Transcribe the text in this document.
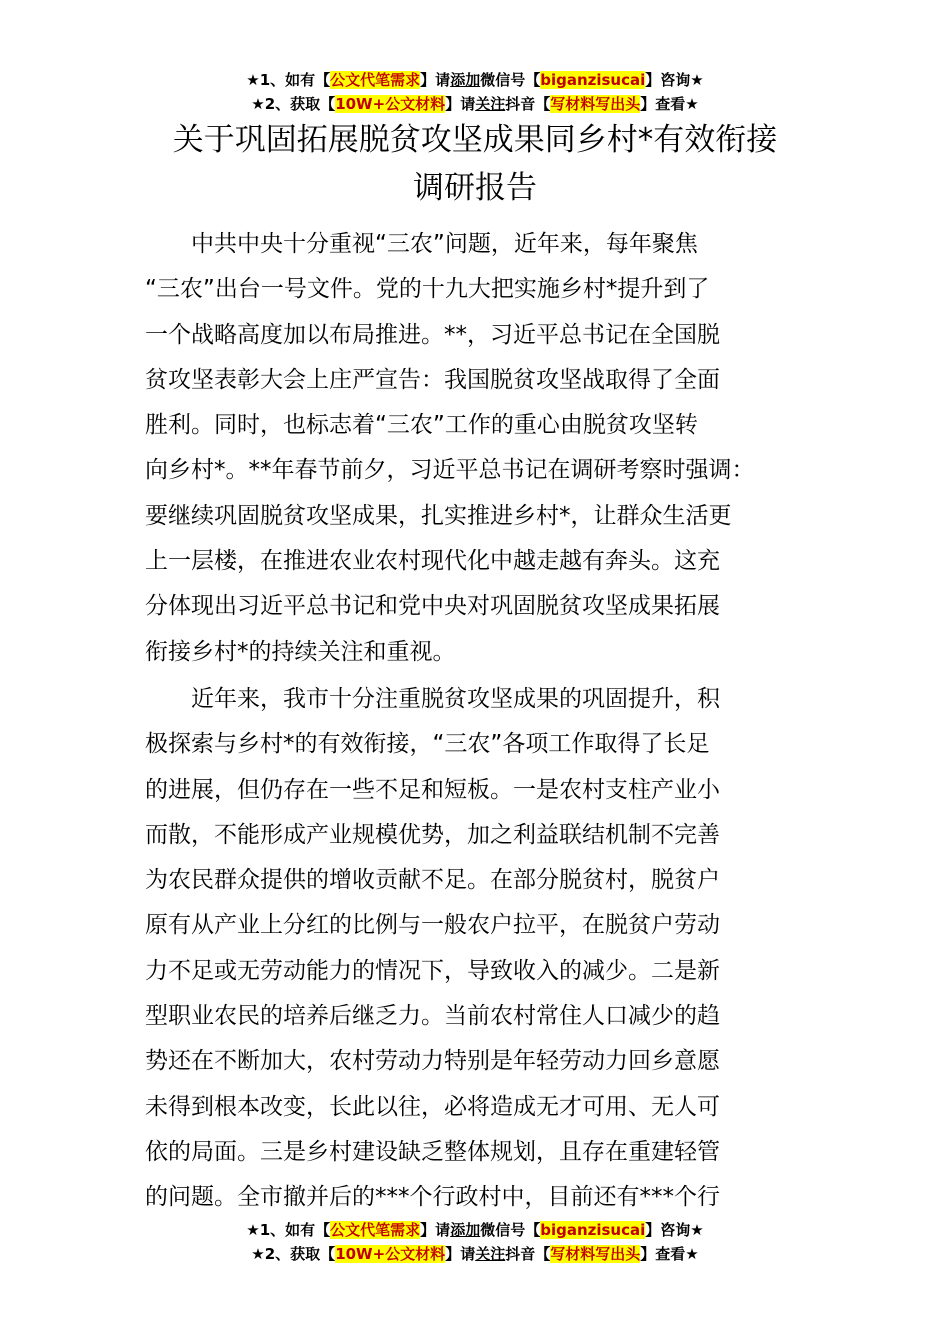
★1、如有【公文代笔需求】请添加微信号【biganzisucai】咨询★
★2、获取【10W+公文材料】请关注抖音【写材料写出头】查看★
关于巩固拓展脱贫攻坚成果同乡村*有效衔接
调研报告
　　中共中央十分重视“三农”问题，近年来，每年聚焦
“三农”出台一号文件。党的十九大把实施乡村*提升到了
一个战略高度加以布局推进。**，习近平总书记在全国脱
贫攻坚表彰大会上庄严宣告：我国脱贫攻坚战取得了全面
胜利。同时，也标志着“三农”工作的重心由脱贫攻坚转
向乡村*。**年春节前夕，习近平总书记在调研考察时强调：
要继续巩固脱贫攻坚成果，扎实推进乡村*，让群众生活更
上一层楼，在推进农业农村现代化中越走越有奔头。这充
分体现出习近平总书记和党中央对巩固脱贫攻坚成果拓展
衔接乡村*的持续关注和重视。
　　近年来，我市十分注重脱贫攻坚成果的巩固提升，积
极探索与乡村*的有效衔接，“三农”各项工作取得了长足
的进展，但仍存在一些不足和短板。一是农村支柱产业小
而散，不能形成产业规模优势，加之利益联结机制不完善
为农民群众提供的增收贡献不足。在部分脱贫村，脱贫户
原有从产业上分红的比例与一般农户拉平，在脱贫户劳动
力不足或无劳动能力的情况下，导致收入的减少。二是新
型职业农民的培养后继乏力。当前农村常住人口减少的趋
势还在不断加大，农村劳动力特别是年轻劳动力回乡意愿
未得到根本改变，长此以往，必将造成无才可用、无人可
依的局面。三是乡村建设缺乏整体规划，且存在重建轻管
的问题。全市撤并后的***个行政村中，目前还有***个行
★1、如有【公文代笔需求】请添加微信号【biganzisucai】咨询★
★2、获取【10W+公文材料】请关注抖音【写材料写出头】查看★
